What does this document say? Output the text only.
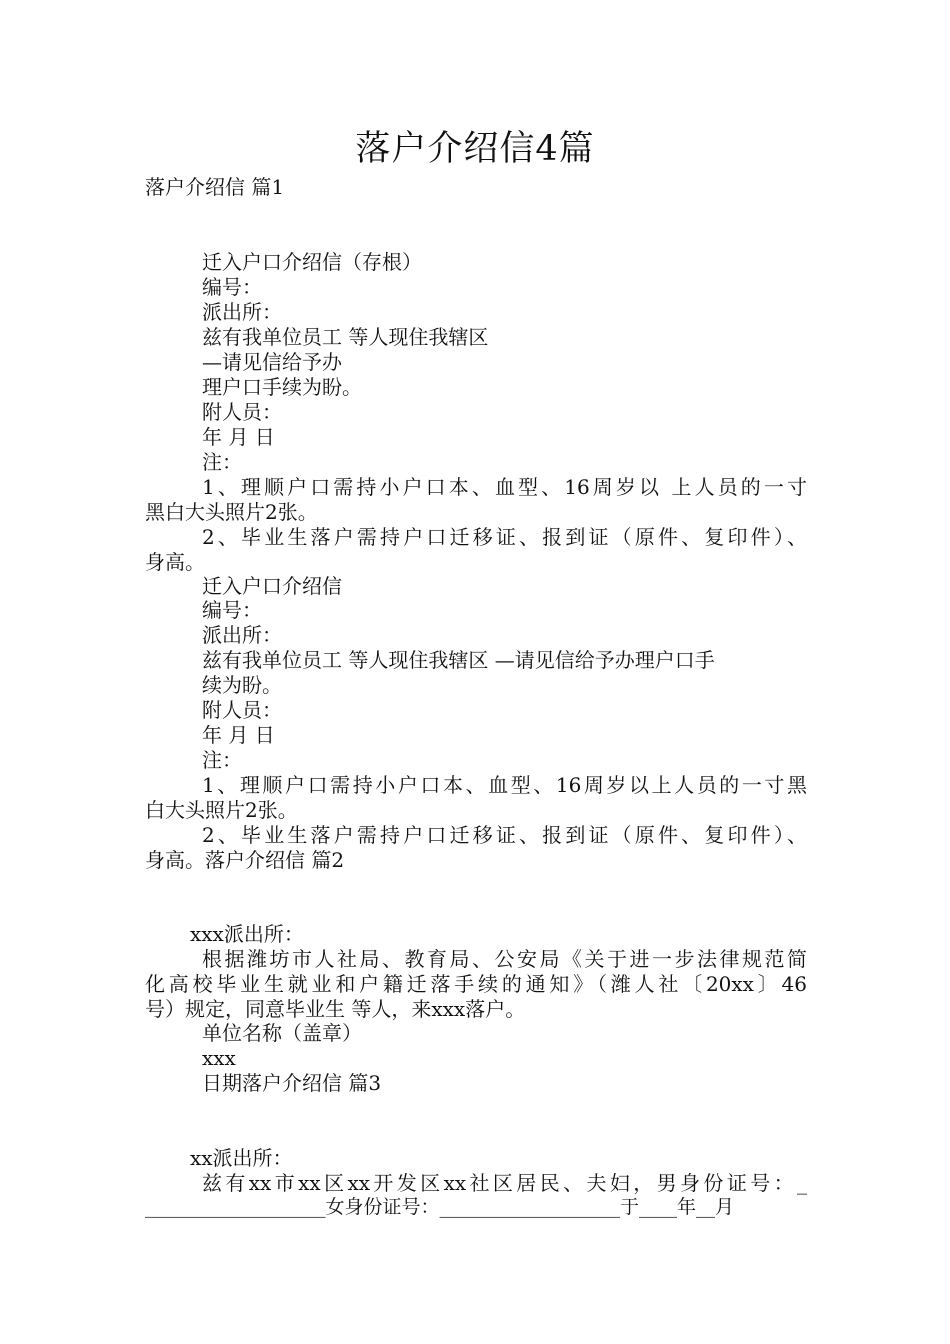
落户介绍信4篇
落户介绍信 篇1
迁入户口介绍信（存根）
编号：
派出所：
兹有我单位员工 等人现住我辖区
—请见信给予办
理户口手续为盼。
附人员：
年 月 日
注：
1、理顺户口需持小户口本、血型、16周岁以 上人员的一寸
黑白大头照片2张。
2、毕业生落户需持户口迁移证、报到证（原件、复印件）、
身高。
迁入户口介绍信
编号：
派出所：
兹有我单位员工 等人现住我辖区 —请见信给予办理户口手
续为盼。
附人员：
年 月 日
注：
1、理顺户口需持小户口本、血型、16周岁以上人员的一寸黑
白大头照片2张。
2、毕业生落户需持户口迁移证、报到证（原件、复印件）、
身高。落户介绍信 篇2
xxx派出所：
根据潍坊市人社局、教育局、公安局《关于进一步法律规范简
化高校毕业生就业和户籍迁落手续的通知》（潍人社〔20xx〕46
号）规定，同意毕业生 等人，来xxx落户。
单位名称（盖章）
xxx
日期落户介绍信 篇3
xx派出所：
兹有xx市xx区xx开发区xx社区居民、夫妇，男身份证号：_
___________________女身份证号：___________________于____年__月
